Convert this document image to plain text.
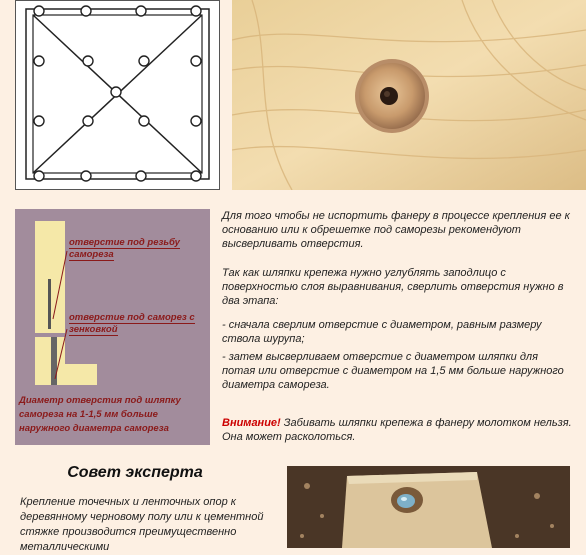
отверстие под резьбу самореза
отверстие под саморез с зенковкой
Диаметр отверстия под шляпку самореза на 1-1,5 мм больше наружного диаметра самореза
Для того чтобы не испортить фанеру в процессе крепления ее к основанию или к обрешетке под саморезы рекомендуют высверливать отверстия.
Так как шляпки крепежа нужно углублять заподлицо с поверхностью слоя выравнивания, сверлить отверстия нужно в два этапа:
- сначала сверлим отверстие с диаметром, равным размеру ствола шурупа;
- затем высверливаем отверстие с диаметром шляпки для потая или отверстие с диаметром на 1,5 мм больше наружного диаметра самореза.
Внимание! Забивать шляпки крепежа в фанеру молотком нельзя. Она может расколоться.
Совет эксперта
Крепление точечных и ленточных опор к деревянному черновому полу или к цементной стяжке производится преимущественно металлическими
